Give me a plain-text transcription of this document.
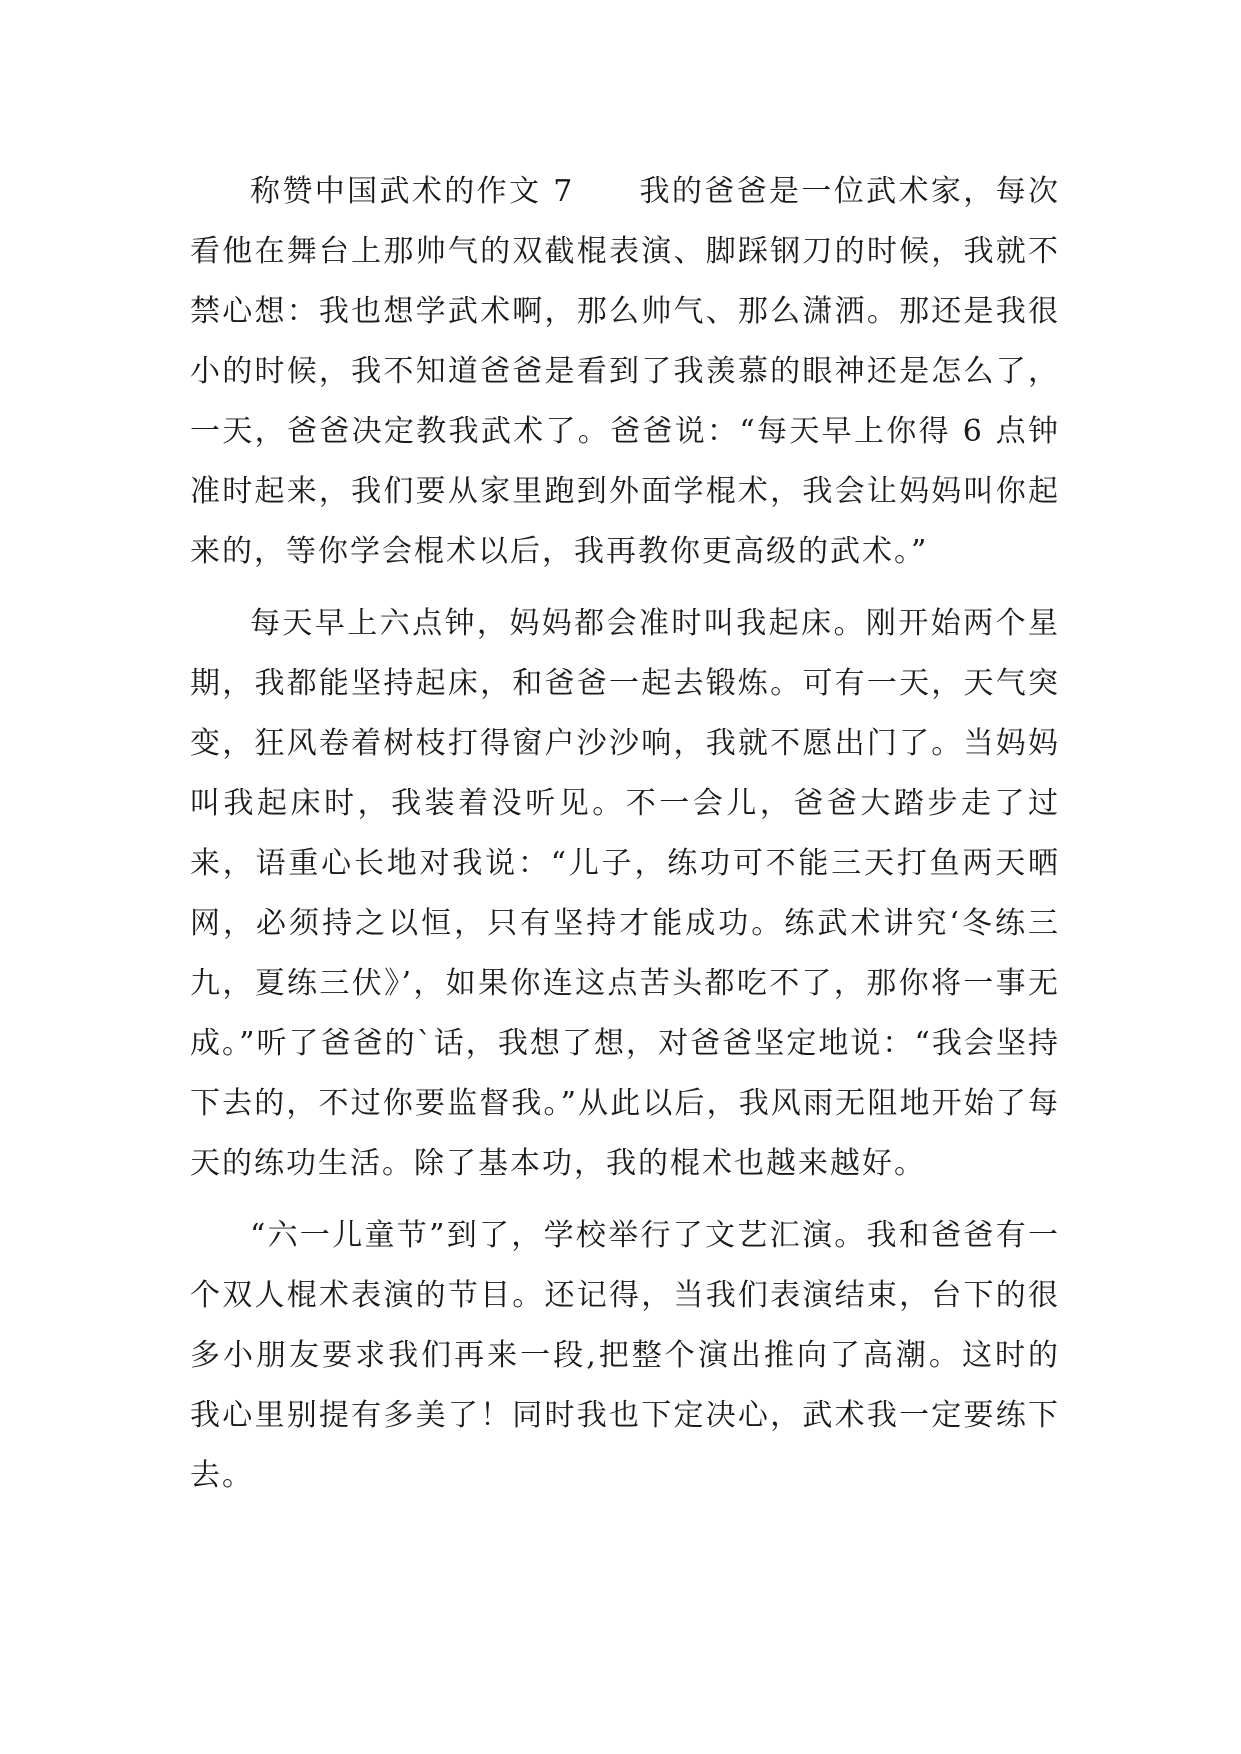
称赞中国武术的作文 7　　我的爸爸是一位武术家，每次看他在舞台上那帅气的双截棍表演、脚踩钢刀的时候，我就不禁心想：我也想学武术啊，那么帅气、那么潇洒。那还是我很小的时候，我不知道爸爸是看到了我羡慕的眼神还是怎么了，一天，爸爸决定教我武术了。爸爸说：“每天早上你得 6 点钟准时起来，我们要从家里跑到外面学棍术，我会让妈妈叫你起来的，等你学会棍术以后，我再教你更高级的武术。”

每天早上六点钟，妈妈都会准时叫我起床。刚开始两个星期，我都能坚持起床，和爸爸一起去锻炼。可有一天，天气突变，狂风卷着树枝打得窗户沙沙响，我就不愿出门了。当妈妈叫我起床时，我装着没听见。不一会儿，爸爸大踏步走了过来，语重心长地对我说：“儿子，练功可不能三天打鱼两天晒网，必须持之以恒，只有坚持才能成功。练武术讲究‘冬练三九，夏练三伏》’，如果你连这点苦头都吃不了，那你将一事无成。”听了爸爸的`话，我想了想，对爸爸坚定地说：“我会坚持下去的，不过你要监督我。”从此以后，我风雨无阻地开始了每天的练功生活。除了基本功，我的棍术也越来越好。

“六一儿童节”到了，学校举行了文艺汇演。我和爸爸有一个双人棍术表演的节目。还记得，当我们表演结束，台下的很多小朋友要求我们再来一段,把整个演出推向了高潮。这时的我心里别提有多美了！同时我也下定决心，武术我一定要练下去。
